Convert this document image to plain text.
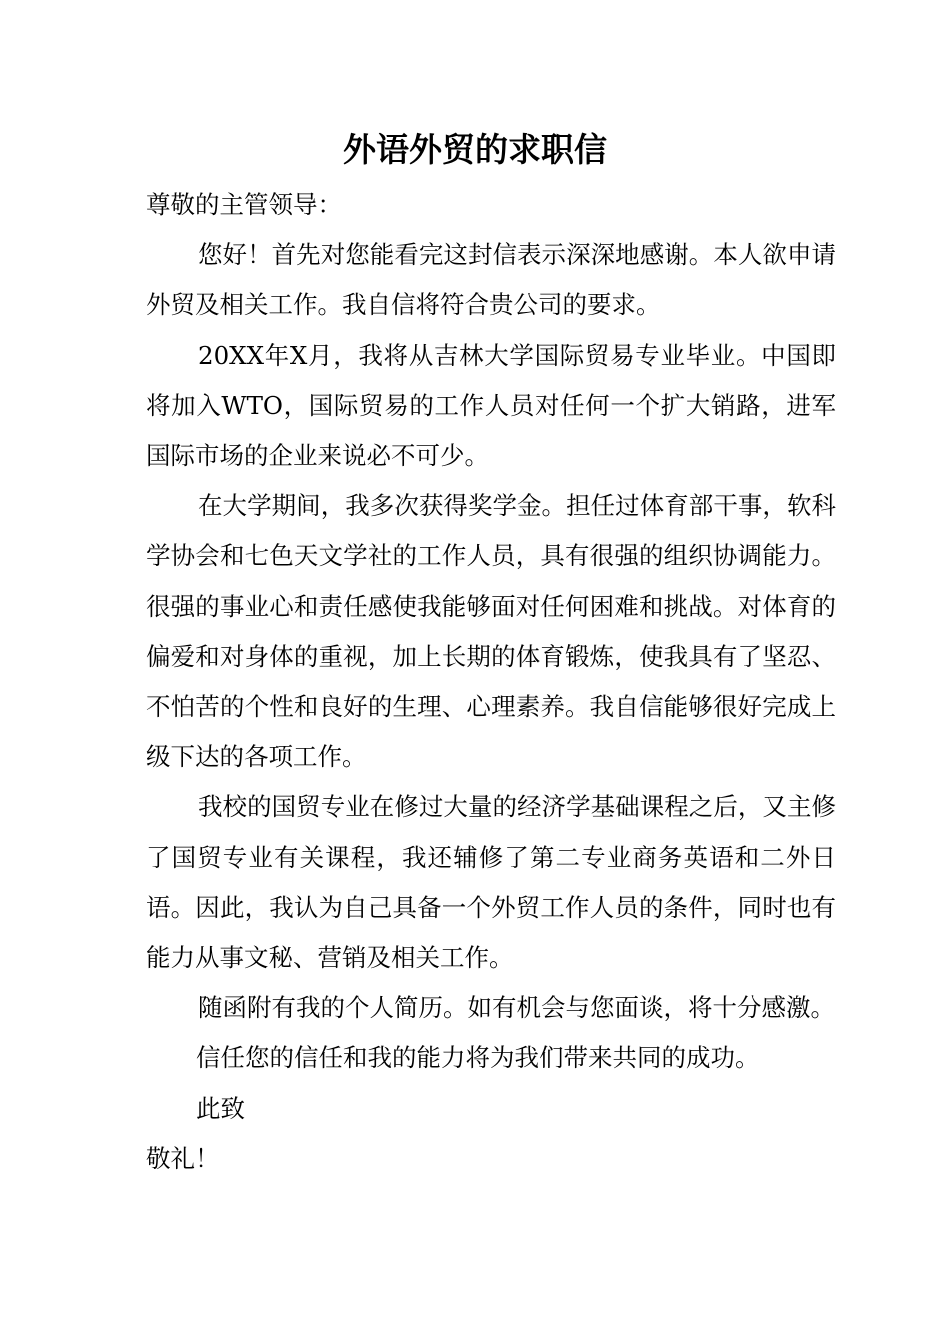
外语外贸的求职信

尊敬的主管领导：

您好！首先对您能看完这封信表示深深地感谢。本人欲申请外贸及相关工作。我自信将符合贵公司的要求。

20XX年X月，我将从吉林大学国际贸易专业毕业。中国即将加入WTO，国际贸易的工作人员对任何一个扩大销路，进军国际市场的企业来说必不可少。

在大学期间，我多次获得奖学金。担任过体育部干事，软科学协会和七色天文学社的工作人员，具有很强的组织协调能力。很强的事业心和责任感使我能够面对任何困难和挑战。对体育的偏爱和对身体的重视，加上长期的体育锻炼，使我具有了坚忍、不怕苦的个性和良好的生理、心理素养。我自信能够很好完成上级下达的各项工作。

我校的国贸专业在修过大量的经济学基础课程之后，又主修了国贸专业有关课程，我还辅修了第二专业商务英语和二外日语。因此，我认为自己具备一个外贸工作人员的条件，同时也有能力从事文秘、营销及相关工作。

随函附有我的个人简历。如有机会与您面谈，将十分感激。

信任您的信任和我的能力将为我们带来共同的成功。

此致

敬礼！
